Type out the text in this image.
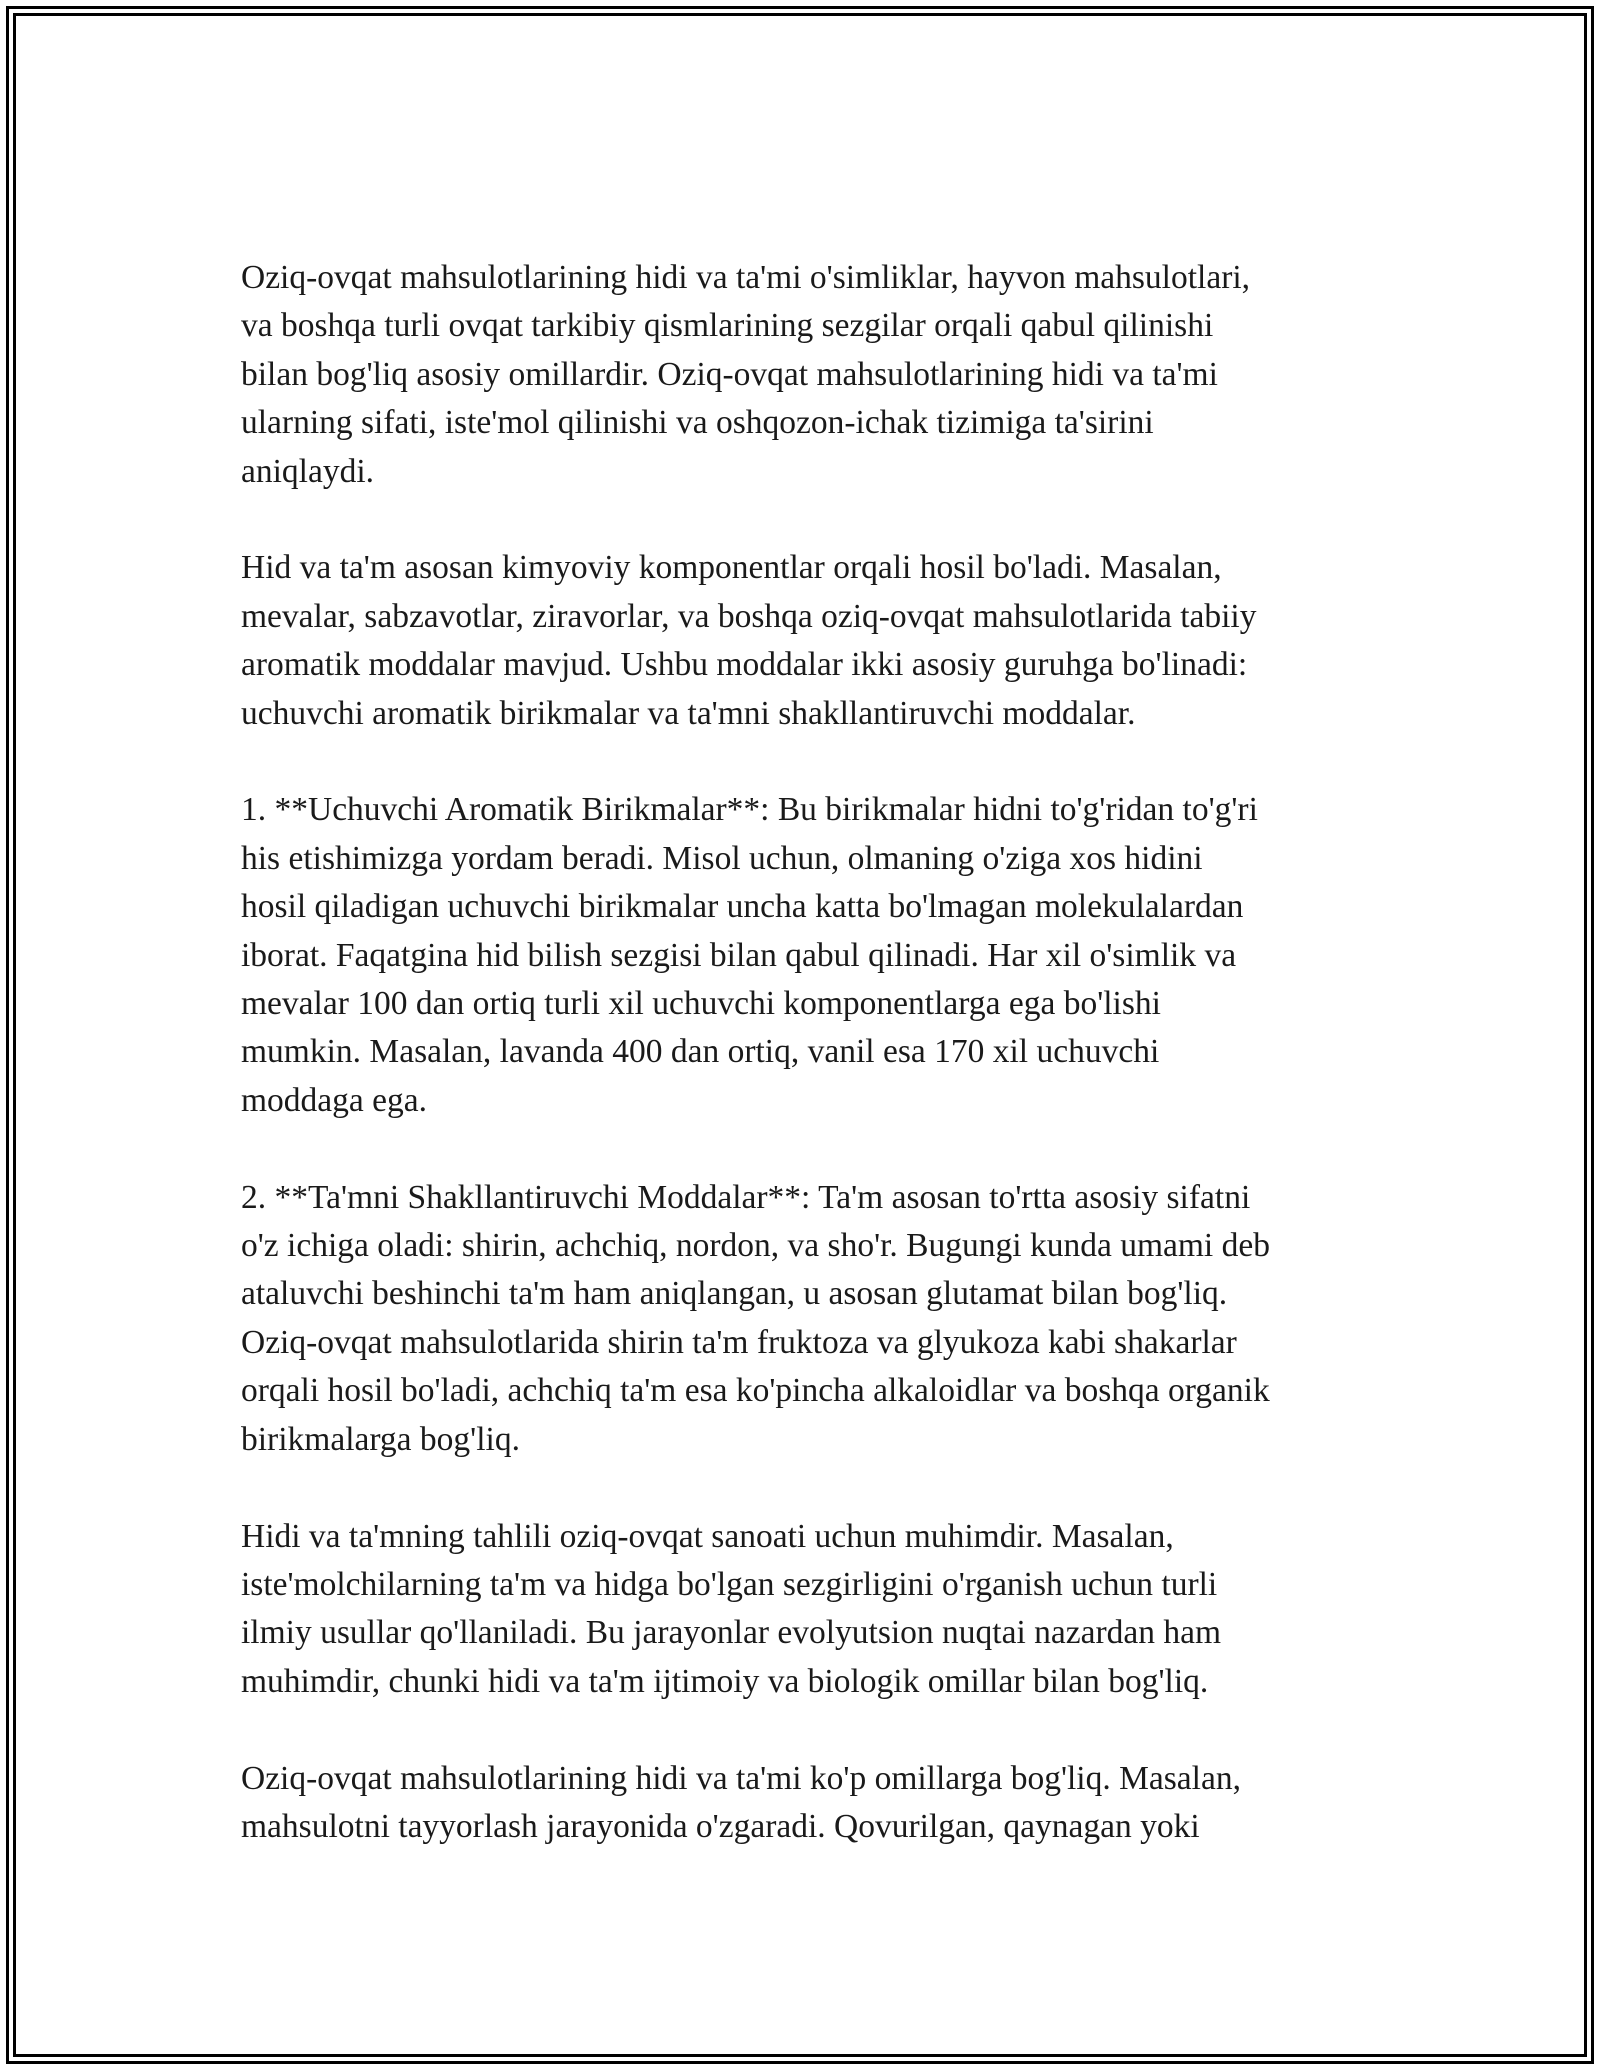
Oziq-ovqat mahsulotlarining hidi va ta'mi o'simliklar, hayvon mahsulotlari,
va boshqa turli ovqat tarkibiy qismlarining sezgilar orqali qabul qilinishi
bilan bog'liq asosiy omillardir. Oziq-ovqat mahsulotlarining hidi va ta'mi
ularning sifati, iste'mol qilinishi va oshqozon-ichak tizimiga ta'sirini
aniqlaydi.

Hid va ta'm asosan kimyoviy komponentlar orqali hosil bo'ladi. Masalan,
mevalar, sabzavotlar, ziravorlar, va boshqa oziq-ovqat mahsulotlarida tabiiy
aromatik moddalar mavjud. Ushbu moddalar ikki asosiy guruhga bo'linadi:
uchuvchi aromatik birikmalar va ta'mni shakllantiruvchi moddalar.

1. **Uchuvchi Aromatik Birikmalar**: Bu birikmalar hidni to'g'ridan to'g'ri
his etishimizga yordam beradi. Misol uchun, olmaning o'ziga xos hidini
hosil qiladigan uchuvchi birikmalar uncha katta bo'lmagan molekulalardan
iborat. Faqatgina hid bilish sezgisi bilan qabul qilinadi. Har xil o'simlik va
mevalar 100 dan ortiq turli xil uchuvchi komponentlarga ega bo'lishi
mumkin. Masalan, lavanda 400 dan ortiq, vanil esa 170 xil uchuvchi
moddaga ega.

2. **Ta'mni Shakllantiruvchi Moddalar**: Ta'm asosan to'rtta asosiy sifatni
o'z ichiga oladi: shirin, achchiq, nordon, va sho'r. Bugungi kunda umami deb
ataluvchi beshinchi ta'm ham aniqlangan, u asosan glutamat bilan bog'liq.
Oziq-ovqat mahsulotlarida shirin ta'm fruktoza va glyukoza kabi shakarlar
orqali hosil bo'ladi, achchiq ta'm esa ko'pincha alkaloidlar va boshqa organik
birikmalarga bog'liq.

Hidi va ta'mning tahlili oziq-ovqat sanoati uchun muhimdir. Masalan,
iste'molchilarning ta'm va hidga bo'lgan sezgirligini o'rganish uchun turli
ilmiy usullar qo'llaniladi. Bu jarayonlar evolyutsion nuqtai nazardan ham
muhimdir, chunki hidi va ta'm ijtimoiy va biologik omillar bilan bog'liq.

Oziq-ovqat mahsulotlarining hidi va ta'mi ko'p omillarga bog'liq. Masalan,
mahsulotni tayyorlash jarayonida o'zgaradi. Qovurilgan, qaynagan yoki
